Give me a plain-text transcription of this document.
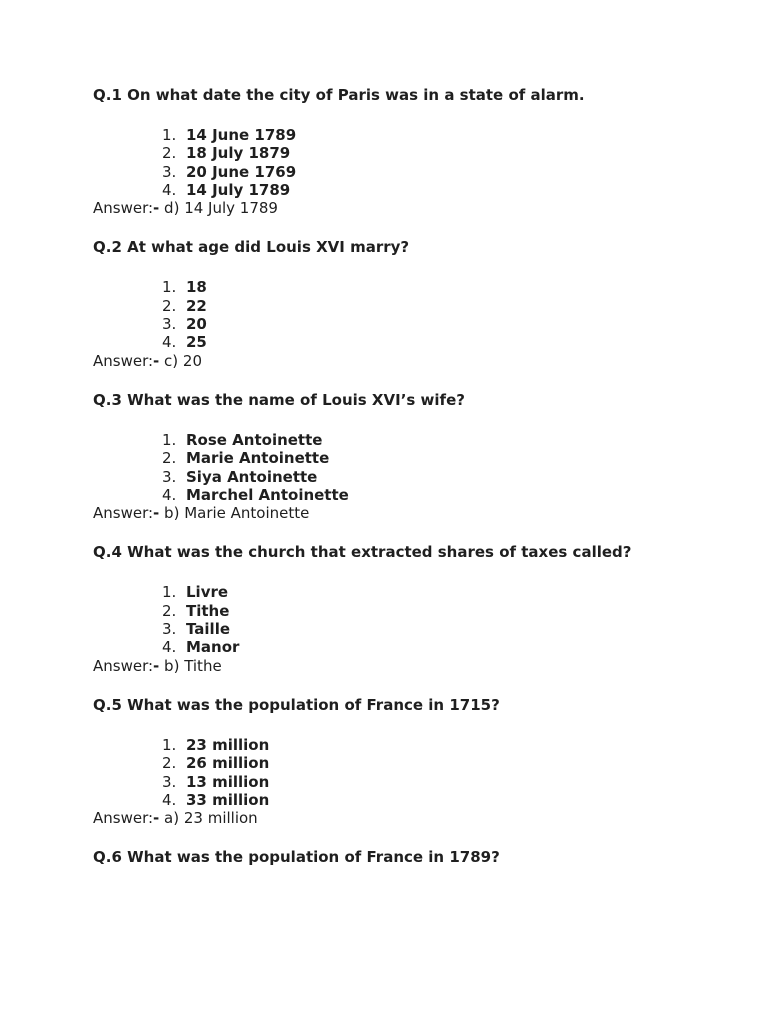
Q.1 On what date the city of Paris was in a state of alarm.

1. 14 June 1789
2. 18 July 1879
3. 20 June 1769
4. 14 July 1789

Answer:- d) 14 July 1789

Q.2 At what age did Louis XVI marry?

1. 18
2. 22
3. 20
4. 25

Answer:- c) 20

Q.3 What was the name of Louis XVI’s wife?

1. Rose Antoinette
2. Marie Antoinette
3. Siya Antoinette
4. Marchel Antoinette

Answer:- b) Marie Antoinette

Q.4 What was the church that extracted shares of taxes called?

1. Livre
2. Tithe
3. Taille
4. Manor

Answer:- b) Tithe

Q.5 What was the population of France in 1715?

1. 23 million
2. 26 million
3. 13 million
4. 33 million

Answer:- a) 23 million

Q.6 What was the population of France in 1789?
